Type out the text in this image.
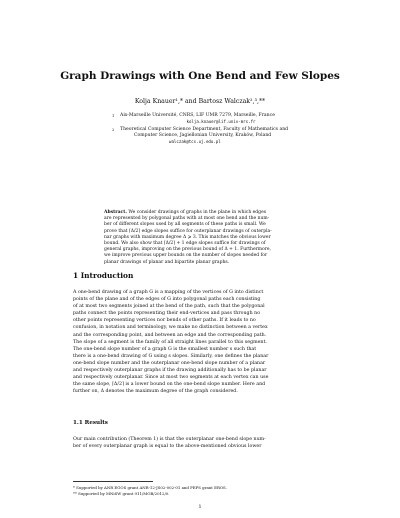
Graph Drawings with One Bend and Few Slopes
Kolja Knauer¹,* and Bartosz Walczak²,³,**
1	Aix-Marseille Université, CNRS, LIF UMR 7279, Marseille, France
kolja.knauer@lif.univ-mrs.fr
2	Theoretical Computer Science Department, Faculty of Mathematics and
Computer Science, Jagiellonian University, Kraków, Poland
walczak@tcs.uj.edu.pl
Abstract. We consider drawings of graphs in the plane in which edges
are represented by polygonal paths with at most one bend and the num-
ber of different slopes used by all segments of these paths is small. We
prove that ⌈Δ/2⌉ edge slopes suffice for outerplanar drawings of outerpla-
nar graphs with maximum degree Δ ⩾ 3. This matches the obvious lower
bound. We also show that ⌈Δ/2⌉ + 1 edge slopes suffice for drawings of
general graphs, improving on the previous bound of Δ + 1. Furthermore,
we improve previous upper bounds on the number of slopes needed for
planar drawings of planar and bipartite planar graphs.
1 Introduction
A one-bend drawing of a graph G is a mapping of the vertices of G into distinct
points of the plane and of the edges of G into polygonal paths each consisting
of at most two segments joined at the bend of the path, such that the polygonal
paths connect the points representing their end-vertices and pass through no
other points representing vertices nor bends of other paths. If it leads to no
confusion, in notation and terminology, we make no distinction between a vertex
and the corresponding point, and between an edge and the corresponding path.
The slope of a segment is the family of all straight lines parallel to this segment.
The one-bend slope number of a graph G is the smallest number s such that
there is a one-bend drawing of G using s slopes. Similarly, one defines the planar
one-bend slope number and the outerplanar one-bend slope number of a planar
and respectively outerplanar graphs if the drawing additionally has to be planar
and respectively outerplanar. Since at most two segments at each vertex can use
the same slope, ⌈Δ/2⌉ is a lower bound on the one-bend slope number. Here and
further on, Δ denotes the maximum degree of the graph considered.
1.1 Results
Our main contribution (Theorem 1) is that the outerplanar one-bend slope num-
ber of every outerplanar graph is equal to the above-mentioned obvious lower
* Supported by ANR EGOS grant ANR-12-JS02-002-01 and PEPS grant EROS.
** Supported by MNiSW grant 911/MOB/2012/0.
1
